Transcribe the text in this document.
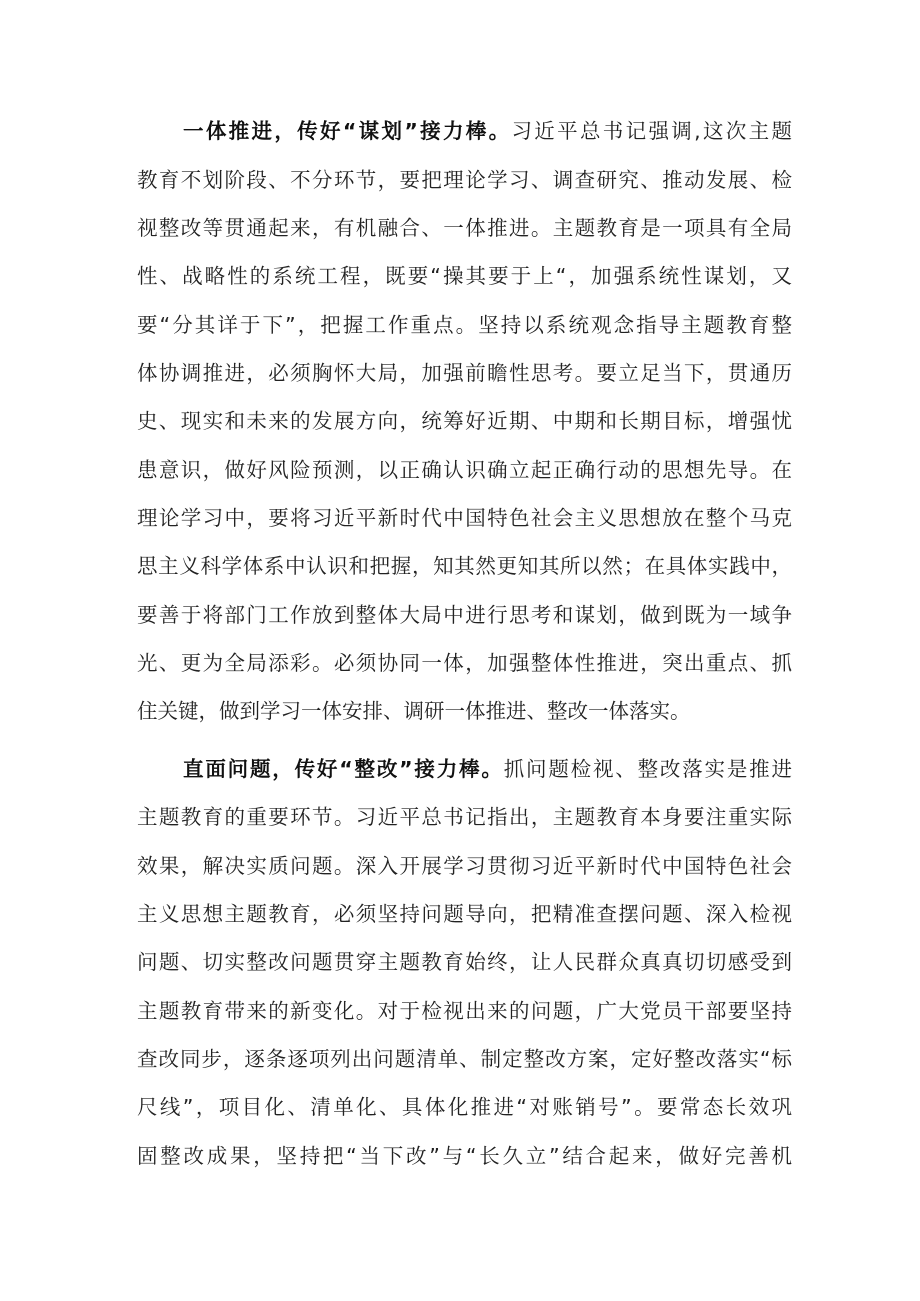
一体推进，传好“谋划”接力棒。习近平总书记强调,这次主题
教育不划阶段、不分环节，要把理论学习、调查研究、推动发展、检
视整改等贯通起来，有机融合、一体推进。主题教育是一项具有全局
性、战略性的系统工程，既要“操其要于上“，加强系统性谋划，又
要“分其详于下”，把握工作重点。坚持以系统观念指导主题教育整
体协调推进，必须胸怀大局，加强前瞻性思考。要立足当下，贯通历
史、现实和未来的发展方向，统筹好近期、中期和长期目标，增强忧
患意识，做好风险预测，以正确认识确立起正确行动的思想先导。在
理论学习中，要将习近平新时代中国特色社会主义思想放在整个马克
思主义科学体系中认识和把握，知其然更知其所以然；在具体实践中，
要善于将部门工作放到整体大局中进行思考和谋划，做到既为一域争
光、更为全局添彩。必须协同一体，加强整体性推进，突出重点、抓
住关键，做到学习一体安排、调研一体推进、整改一体落实。
直面问题，传好“整改”接力棒。抓问题检视、整改落实是推进
主题教育的重要环节。习近平总书记指出，主题教育本身要注重实际
效果，解决实质问题。深入开展学习贯彻习近平新时代中国特色社会
主义思想主题教育，必须坚持问题导向，把精准查摆问题、深入检视
问题、切实整改问题贯穿主题教育始终，让人民群众真真切切感受到
主题教育带来的新变化。对于检视出来的问题，广大党员干部要坚持
查改同步，逐条逐项列出问题清单、制定整改方案，定好整改落实“标
尺线”，项目化、清单化、具体化推进“对账销号”。要常态长效巩
固整改成果，坚持把“当下改”与“长久立”结合起来，做好完善机
